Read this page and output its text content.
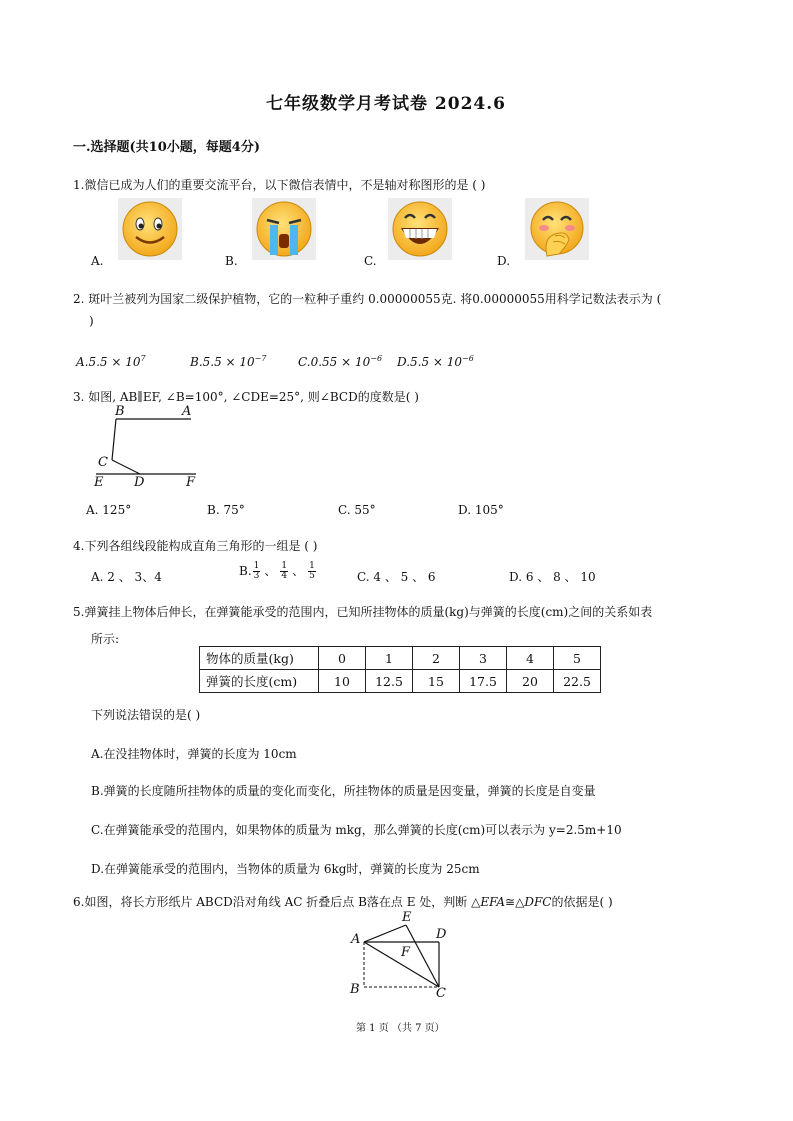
七年级数学月考试卷 2024.6
一.选择题(共10小题，每题4分)
1.微信已成为人们的重要交流平台，以下微信表情中，不是轴对称图形的是 ( )
A.	B.	C.	D.
2. 斑叶兰被列为国家二级保护植物，它的一粒种子重约 0.00000055克. 将0.00000055用科学记数法表示为 (
)
$A.5.5 \times 10^7$	$B.5.5 \times 10^{-7}$	$C.0.55 \times 10^{-6}$ $D.5.5 \times 10^{-6}$
3. 如图, AB∥EF, ∠B=100°, ∠CDE=25°, 则∠BCD的度数是( )
B	A
C
E D	F
A. 125°	B. 75°	C. 55°	D. 105°
4.下列各组线段能构成直角三角形的一组是 ( )
A. 2 、 3、4	B. $\frac{1}{3}$ 、 $\frac{1}{4}$ 、 $\frac{1}{5}$	C. 4 、 5 、 6	D. 6 、 8 、 10
5.弹簧挂上物体后伸长，在弹簧能承受的范围内，已知所挂物体的质量(kg)与弹簧的长度(cm)之间的关系如表
所示:
物体的质量(kg)	0	1	2	3	4	5
弹簧的长度(cm)	10	12.5	15	17.5	20	22.5
下列说法错误的是( )
A.在没挂物体时，弹簧的长度为 10cm
B.弹簧的长度随所挂物体的质量的变化而变化，所挂物体的质量是因变量，弹簧的长度是自变量
C.在弹簧能承受的范围内，如果物体的质量为 mkg，那么弹簧的长度(cm)可以表示为 y=2.5m+10
D.在弹簧能承受的范围内，当物体的质量为 6kg时，弹簧的长度为 25cm
6.如图，将长方形纸片 ABCD沿对角线 AC 折叠后点 B落在点 E 处，判断 △EFA≅△DFC的依据是( )
E
A	D
F
B	C
第 1 页 （共 7 页）
